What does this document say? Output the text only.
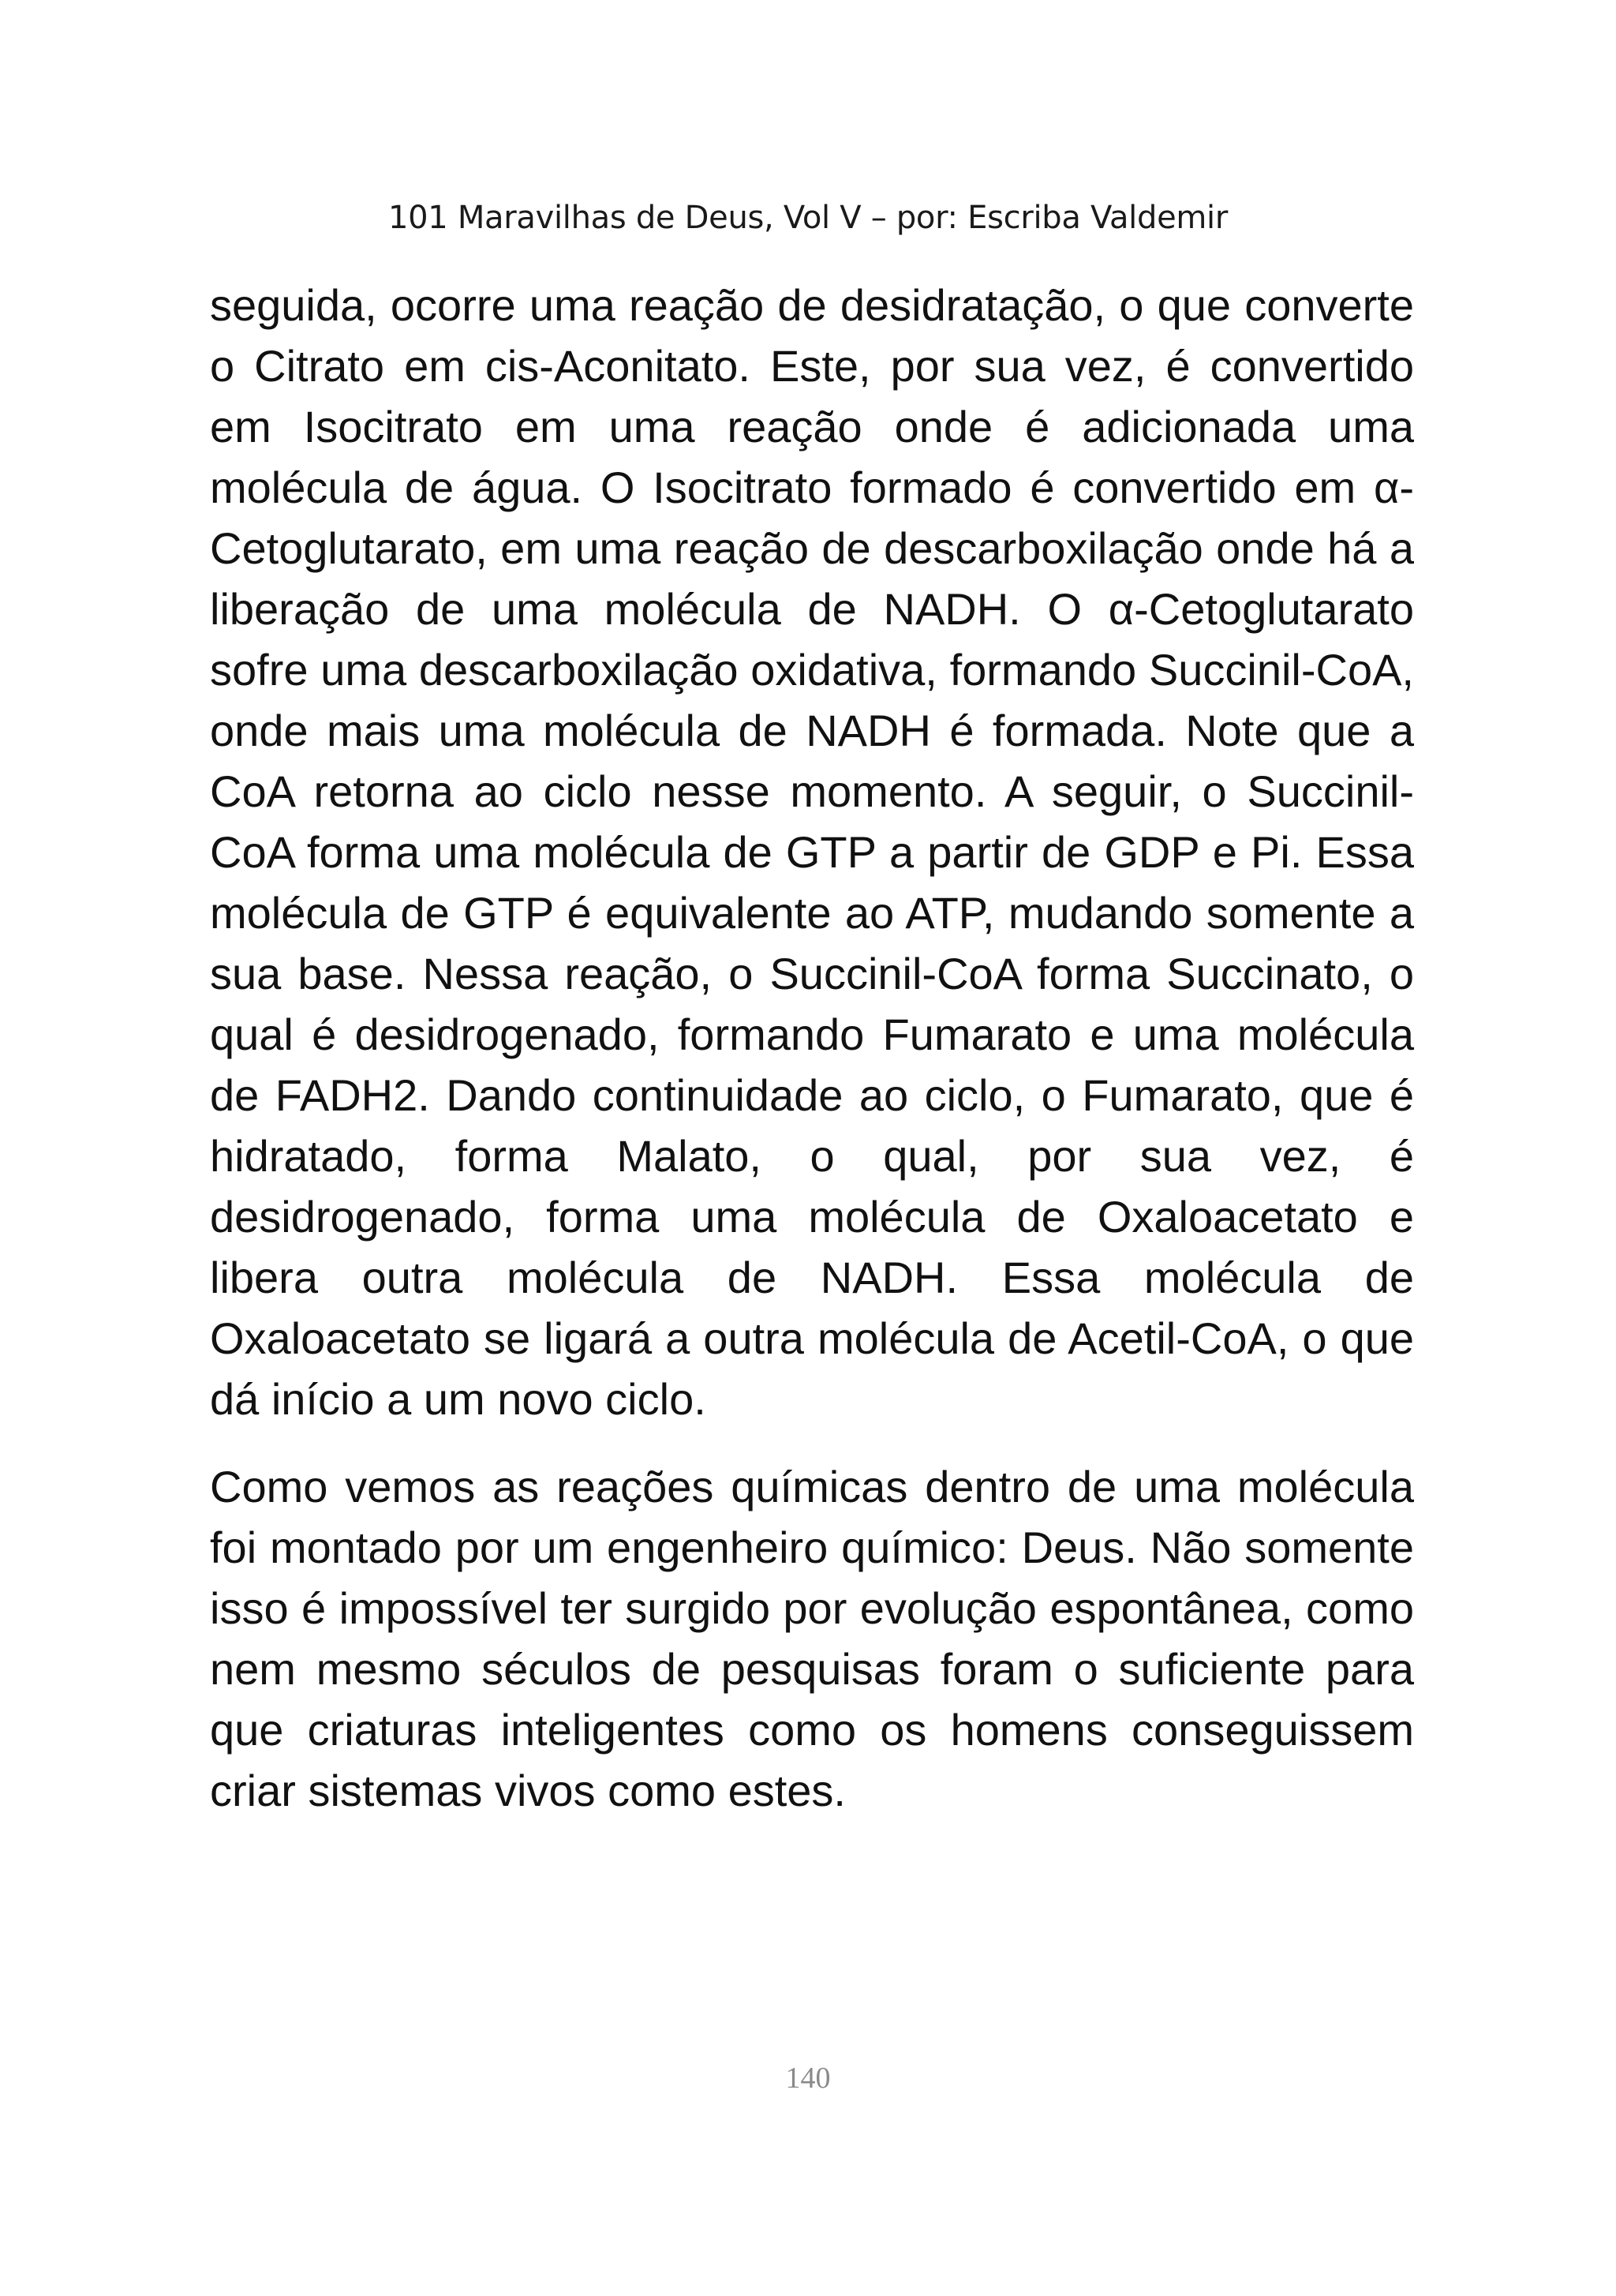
101 Maravilhas de Deus, Vol V – por: Escriba Valdemir

seguida, ocorre uma reação de desidratação, o que converte o Citrato em cis-Aconitato. Este, por sua vez, é convertido em Isocitrato em uma reação onde é adicionada uma molécula de água. O Isocitrato formado é convertido em α-Cetoglutarato, em uma reação de descarboxilação onde há a liberação de uma molécula de NADH. O α-Cetoglutarato sofre uma descarboxilação oxidativa, formando Succinil-CoA, onde mais uma molécula de NADH é formada. Note que a CoA retorna ao ciclo nesse momento. A seguir, o Succinil-CoA forma uma molécula de GTP a partir de GDP e Pi. Essa molécula de GTP é equivalente ao ATP, mudando somente a sua base. Nessa reação, o Succinil-CoA forma Succinato, o qual é desidrogenado, formando Fumarato e uma molécula de FADH2. Dando continuidade ao ciclo, o Fumarato, que é hidratado, forma Malato, o qual, por sua vez, é desidrogenado, forma uma molécula de Oxaloacetato e libera outra molécula de NADH. Essa molécula de Oxaloacetato se ligará a outra molécula de Acetil-CoA, o que dá início a um novo ciclo.

Como vemos as reações químicas dentro de uma molécula foi montado por um engenheiro químico: Deus. Não somente isso é impossível ter surgido por evolução espontânea, como nem mesmo séculos de pesquisas foram o suficiente para que criaturas inteligentes como os homens conseguissem criar sistemas vivos como estes.

140
